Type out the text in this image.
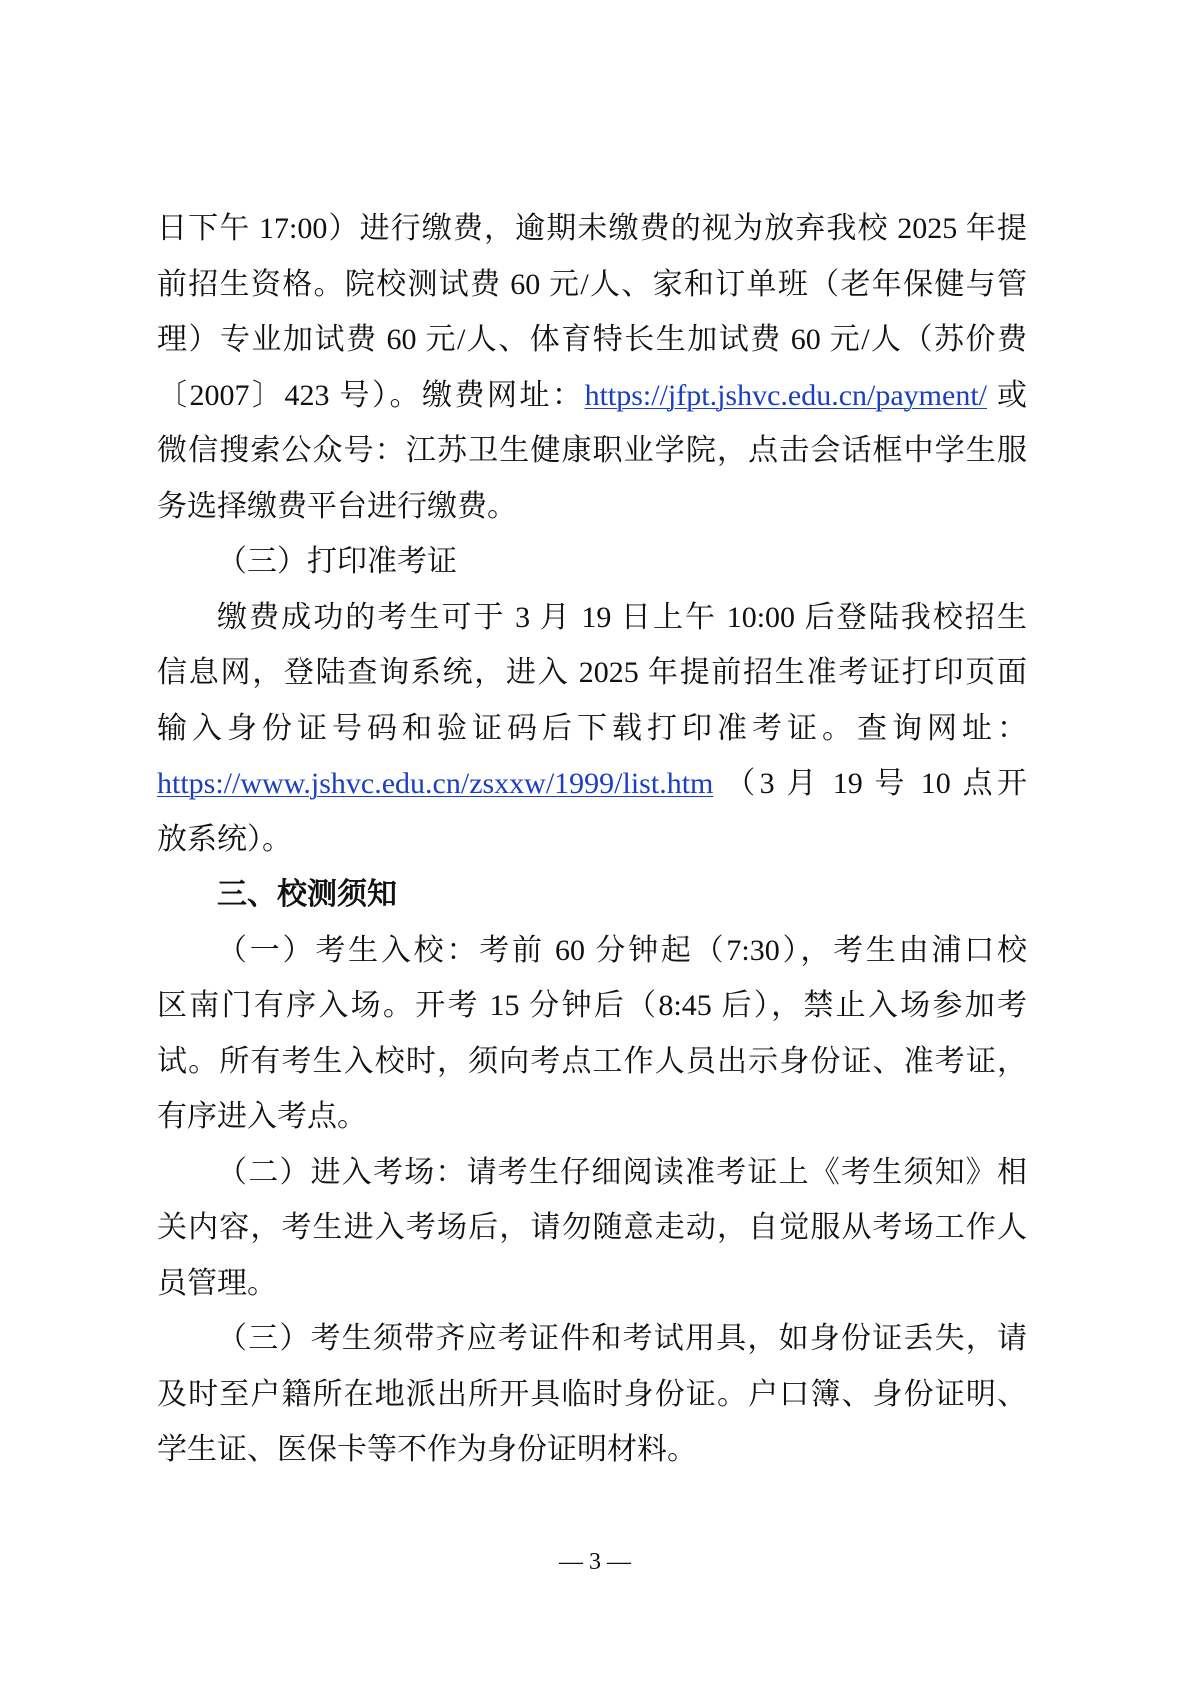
日下午 17:00）进行缴费，逾期未缴费的视为放弃我校 2025 年提
前招生资格。院校测试费 60 元/人、家和订单班（老年保健与管
理）专业加试费 60 元/人、体育特长生加试费 60 元/人（苏价费
〔2007〕423 号）。缴费网址：https://jfpt.jshvc.edu.cn/payment/ 或
微信搜索公众号：江苏卫生健康职业学院，点击会话框中学生服
务选择缴费平台进行缴费。
（三）打印准考证
缴费成功的考生可于 3 月 19 日上午 10:00 后登陆我校招生
信息网，登陆查询系统，进入 2025 年提前招生准考证打印页面
输入身份证号码和验证码后下载打印准考证。查询网址：
https://www.jshvc.edu.cn/zsxxw/1999/list.htm （3 月 19 号 10 点开
放系统）。
三、校测须知
（一）考生入校：考前 60 分钟起（7:30），考生由浦口校
区南门有序入场。开考 15 分钟后（8:45 后），禁止入场参加考
试。所有考生入校时，须向考点工作人员出示身份证、准考证，
有序进入考点。
（二）进入考场：请考生仔细阅读准考证上《考生须知》相
关内容，考生进入考场后，请勿随意走动，自觉服从考场工作人
员管理。
（三）考生须带齐应考证件和考试用具，如身份证丢失，请
及时至户籍所在地派出所开具临时身份证。户口簿、身份证明、
学生证、医保卡等不作为身份证明材料。
— 3 —
